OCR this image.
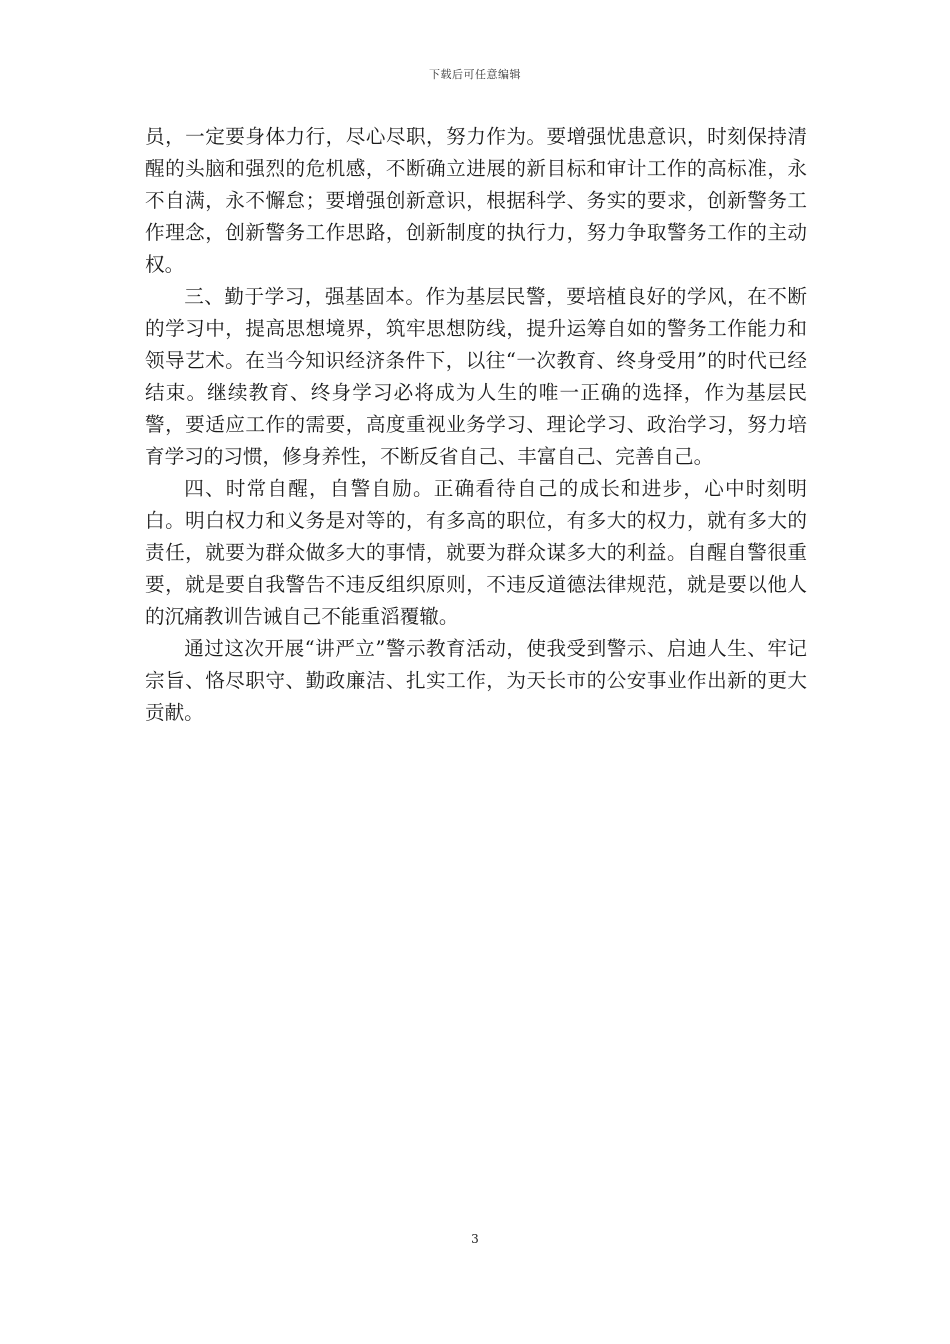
下载后可任意编辑

员，一定要身体力行，尽心尽职，努力作为。要增强忧患意识，时刻保持清醒的头脑和强烈的危机感，不断确立进展的新目标和审计工作的高标准，永不自满，永不懈怠；要增强创新意识，根据科学、务实的要求，创新警务工作理念，创新警务工作思路，创新制度的执行力，努力争取警务工作的主动权。

三、勤于学习，强基固本。作为基层民警，要培植良好的学风，在不断的学习中，提高思想境界，筑牢思想防线，提升运筹自如的警务工作能力和领导艺术。在当今知识经济条件下，以往“一次教育、终身受用”的时代已经结束。继续教育、终身学习必将成为人生的唯一正确的选择，作为基层民警，要适应工作的需要，高度重视业务学习、理论学习、政治学习，努力培育学习的习惯，修身养性，不断反省自己、丰富自己、完善自己。

四、时常自醒，自警自励。正确看待自己的成长和进步，心中时刻明白。明白权力和义务是对等的，有多高的职位，有多大的权力，就有多大的责任，就要为群众做多大的事情，就要为群众谋多大的利益。自醒自警很重要，就是要自我警告不违反组织原则，不违反道德法律规范，就是要以他人的沉痛教训告诫自己不能重滔覆辙。

通过这次开展“讲严立”警示教育活动，使我受到警示、启迪人生、牢记宗旨、恪尽职守、勤政廉洁、扎实工作，为天长市的公安事业作出新的更大贡献。

3
